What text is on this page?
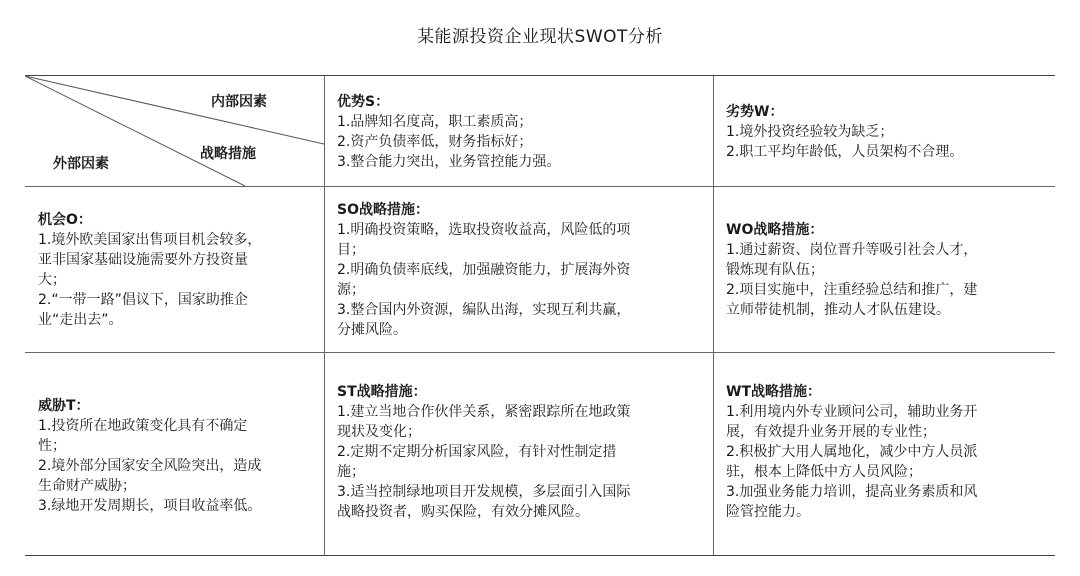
某能源投资企业现状SWOT分析
内部因素
战略措施
外部因素

优势S：

1.品牌知名度高，职工素质高；

2.资产负债率低，财务指标好；

3.整合能力突出，业务管控能力强。

劣势W：

1.境外投资经验较为缺乏；

2.职工平均年龄低，人员架构不合理。

机会O：

1.境外欧美国家出售项目机会较多，

亚非国家基础设施需要外方投资量

大；

2.“一带一路”倡议下，国家助推企

业“走出去”。

SO战略措施：

1.明确投资策略，选取投资收益高，风险低的项

目；

2.明确负债率底线，加强融资能力，扩展海外资

源；

3.整合国内外资源，编队出海，实现互利共赢，

分摊风险。

WO战略措施：

1.通过薪资、岗位晋升等吸引社会人才，

锻炼现有队伍；

2.项目实施中，注重经验总结和推广，建

立师带徒机制，推动人才队伍建设。

威胁T：

1.投资所在地政策变化具有不确定

性；

2.境外部分国家安全风险突出，造成

生命财产威胁；

3.绿地开发周期长，项目收益率低。

ST战略措施：

1.建立当地合作伙伴关系，紧密跟踪所在地政策

现状及变化；

2.定期不定期分析国家风险，有针对性制定措

施；

3.适当控制绿地项目开发规模，多层面引入国际

战略投资者，购买保险，有效分摊风险。

WT战略措施：

1.利用境内外专业顾问公司，辅助业务开

展，有效提升业务开展的专业性；

2.积极扩大用人属地化，减少中方人员派

驻，根本上降低中方人员风险；

3.加强业务能力培训，提高业务素质和风

险管控能力。
